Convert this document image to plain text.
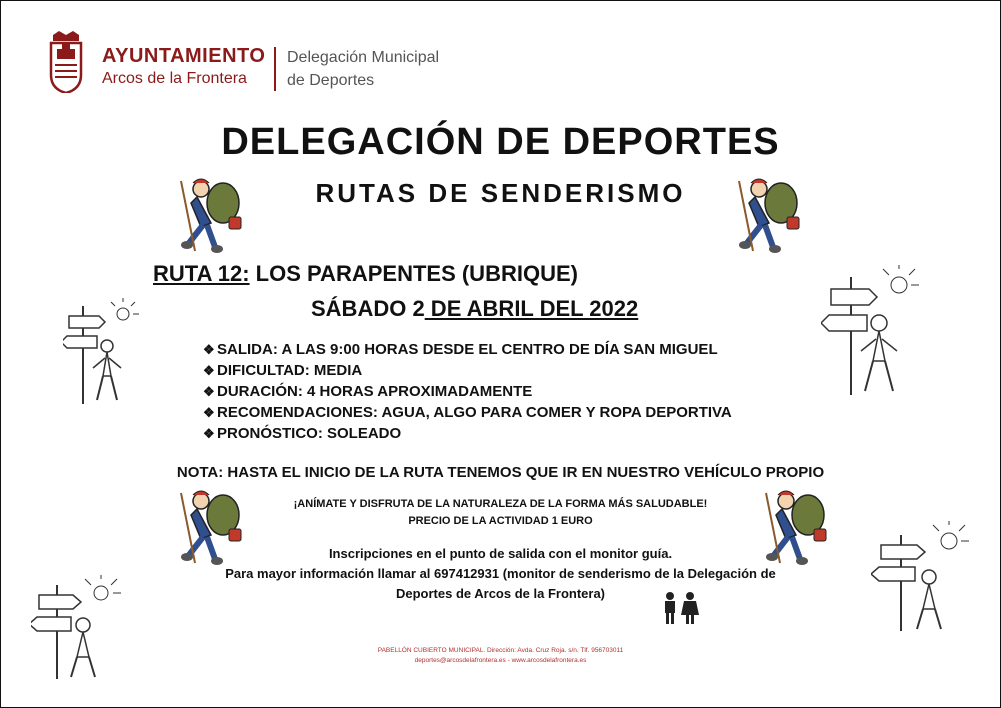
AYUNTAMIENTO
Arcos de la Frontera
Delegación Municipal
de Deportes
DELEGACIÓN DE DEPORTES
RUTAS DE SENDERISMO
RUTA 12: LOS PARAPENTES (UBRIQUE)
SÁBADO 2 DE ABRIL DEL 2022
❖ SALIDA: A LAS 9:00 HORAS DESDE EL CENTRO DE DÍA SAN MIGUEL
❖ DIFICULTAD: MEDIA
❖ DURACIÓN: 4 HORAS APROXIMADAMENTE
❖ RECOMENDACIONES: AGUA, ALGO PARA COMER Y ROPA DEPORTIVA
❖ PRONÓSTICO: SOLEADO
NOTA: HASTA EL INICIO DE LA RUTA TENEMOS QUE IR EN NUESTRO VEHÍCULO PROPIO
¡ANÍMATE Y DISFRUTA DE LA NATURALEZA DE LA FORMA MÁS SALUDABLE!
PRECIO DE LA ACTIVIDAD 1 EURO
Inscripciones en el punto de salida con el monitor guía.
Para mayor información llamar al 697412931 (monitor de senderismo de la Delegación de
Deportes de Arcos de la Frontera)
PABELLÓN CUBIERTO MUNICIPAL. Dirección: Avda. Cruz Roja. s/n. Tlf. 956703011
deportes@arcosdelafrontera.es - www.arcosdelafrontera.es
